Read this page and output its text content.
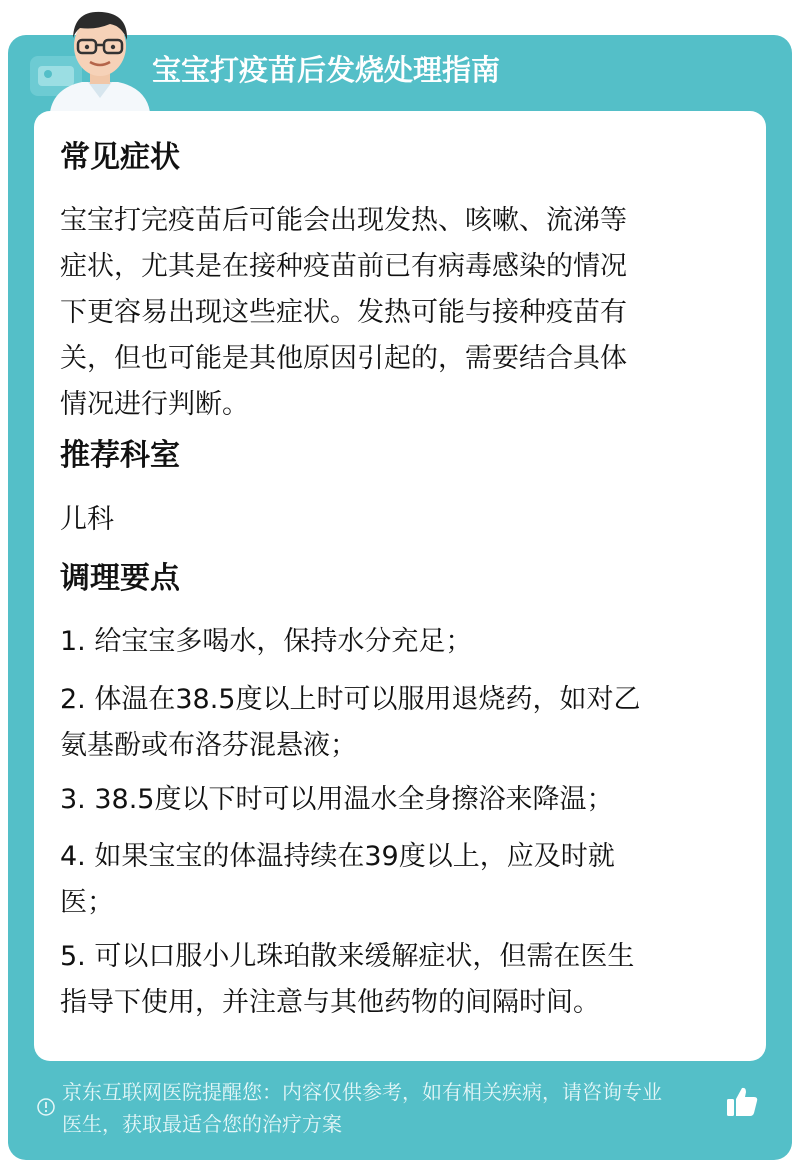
宝宝打疫苗后发烧处理指南
常见症状
宝宝打完疫苗后可能会出现发热、咳嗽、流涕等
症状，尤其是在接种疫苗前已有病毒感染的情况
下更容易出现这些症状。发热可能与接种疫苗有
关，但也可能是其他原因引起的，需要结合具体
情况进行判断。
推荐科室
儿科
调理要点
1. 给宝宝多喝水，保持水分充足；
2. 体温在38.5度以上时可以服用退烧药，如对乙
氨基酚或布洛芬混悬液；
3. 38.5度以下时可以用温水全身擦浴来降温；
4. 如果宝宝的体温持续在39度以上，应及时就
医；
5. 可以口服小儿珠珀散来缓解症状，但需在医生
指导下使用，并注意与其他药物的间隔时间。
京东互联网医院提醒您：内容仅供参考，如有相关疾病，请咨询专业
医生，获取最适合您的治疗方案
